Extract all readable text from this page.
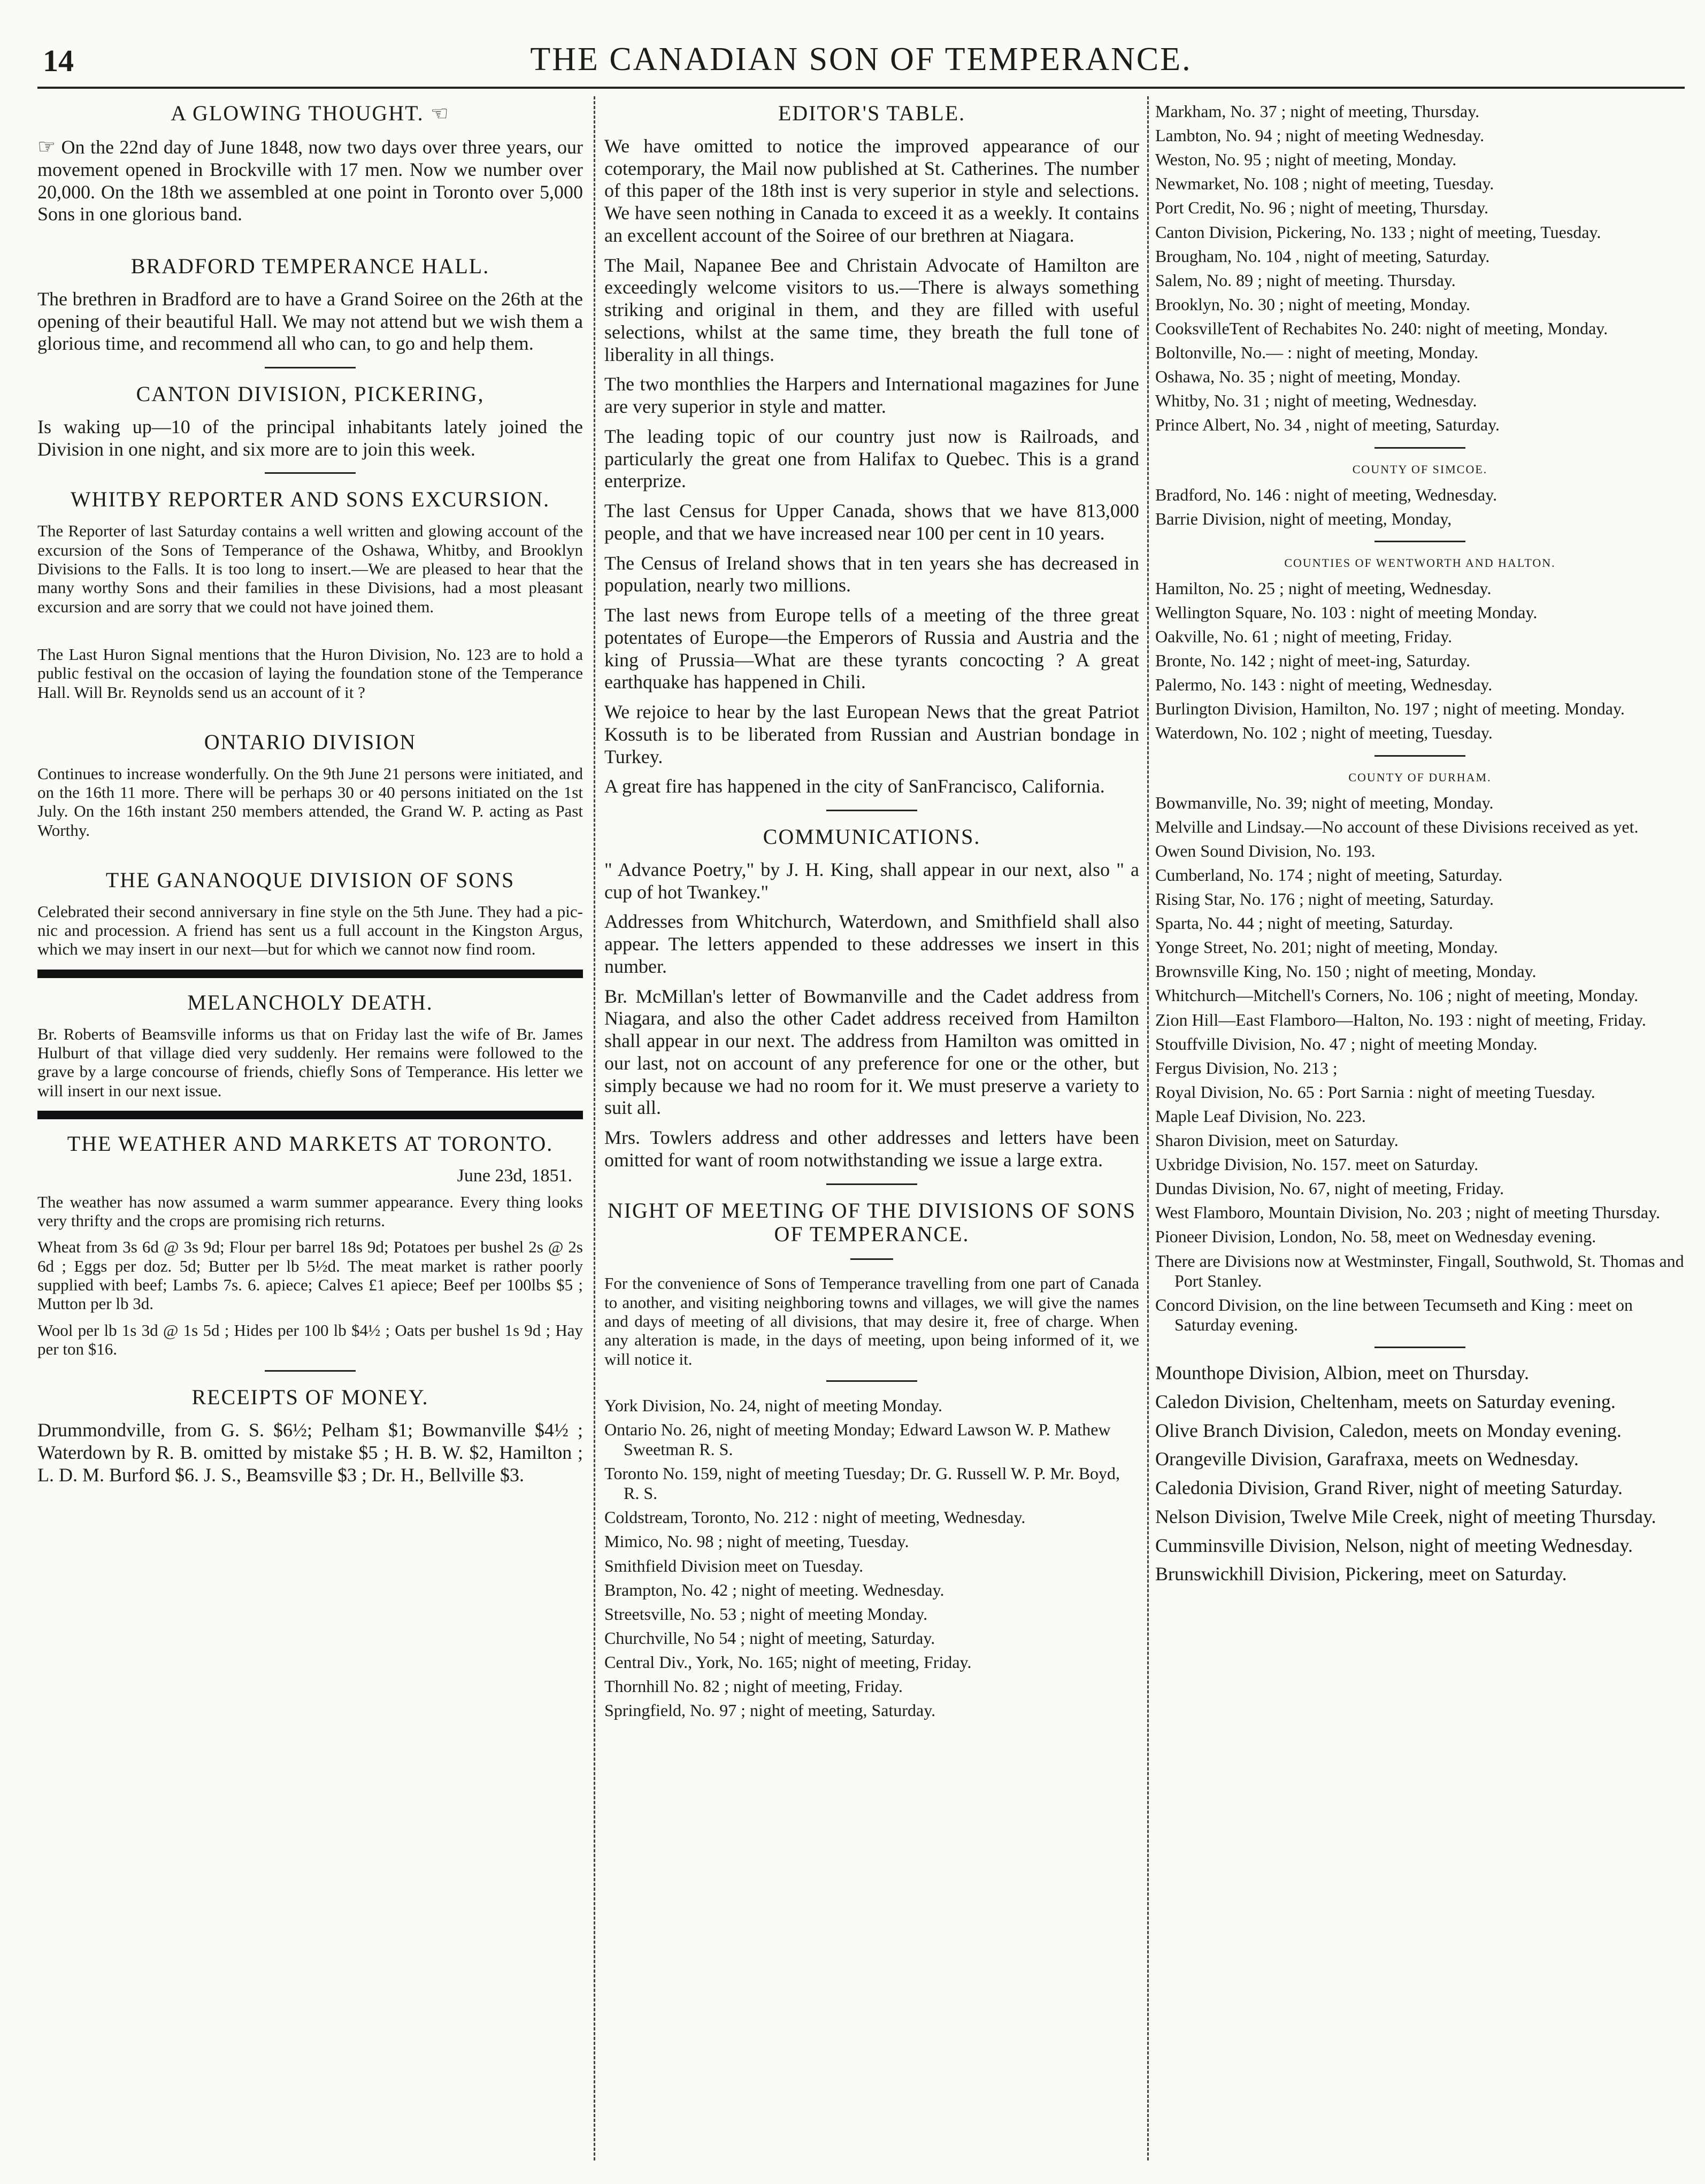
14	THE CANADIAN SON OF TEMPERANCE.
A GLOWING THOUGHT. ☜

☞ On the 22nd day of June 1848, now two days over three years, our movement opened in Brockville with 17 men. Now we number over 20,000. On the 18th we assembled at one point in Toronto over 5,000 Sons in one glorious band.

BRADFORD TEMPERANCE HALL.

The brethren in Bradford are to have a Grand Soiree on the 26th at the opening of their beautiful Hall. We may not attend but we wish them a glorious time, and recommend all who can, to go and help them.

CANTON DIVISION, PICKERING,

Is waking up—10 of the principal inhabitants lately joined the Division in one night, and six more are to join this week.

WHITBY REPORTER AND SONS EXCURSION.

The Reporter of last Saturday contains a well written and glowing account of the excursion of the Sons of Temperance of the Oshawa, Whitby, and Brooklyn Divisions to the Falls. It is too long to insert.—We are pleased to hear that the many worthy Sons and their families in these Divisions, had a most pleasant excursion and are sorry that we could not have joined them.

The Last Huron Signal mentions that the Huron Division, No. 123 are to hold a public festival on the occasion of laying the foundation stone of the Temperance Hall. Will Br. Reynolds send us an account of it ?

ONTARIO DIVISION

Continues to increase wonderfully. On the 9th June 21 persons were initiated, and on the 16th 11 more. There will be perhaps 30 or 40 persons initiated on the 1st July. On the 16th instant 250 members attended, the Grand W. P. acting as Past Worthy.

THE GANANOQUE DIVISION OF SONS

Celebrated their second anniversary in fine style on the 5th June. They had a pic-nic and procession. A friend has sent us a full account in the Kingston Argus, which we may insert in our next—but for which we cannot now find room.

MELANCHOLY DEATH.

Br. Roberts of Beamsville informs us that on Friday last the wife of Br. James Hulburt of that village died very suddenly. Her remains were followed to the grave by a large concourse of friends, chiefly Sons of Temperance. His letter we will insert in our next issue.

THE WEATHER AND MARKETS AT TORONTO.
June 23d, 1851.

The weather has now assumed a warm summer appearance. Every thing looks very thrifty and the crops are promising rich returns.

Wheat from 3s 6d @ 3s 9d; Flour per barrel 18s 9d; Potatoes per bushel 2s @ 2s 6d ; Eggs per doz. 5d; Butter per lb 5½d. The meat market is rather poorly supplied with beef; Lambs 7s. 6. apiece; Calves £1 apiece; Beef per 100lbs $5 ; Mutton per lb 3d.

Wool per lb 1s 3d @ 1s 5d ; Hides per 100 lb $4½ ; Oats per bushel 1s 9d ; Hay per ton $16.

RECEIPTS OF MONEY.

Drummondville, from G. S. $6½; Pelham $1; Bowmanville $4½ ; Waterdown by R. B. omitted by mistake $5 ; H. B. W. $2, Hamilton ; L. D. M. Burford $6. J. S., Beamsville $3 ; Dr. H., Bellville $3.

EDITOR'S TABLE.

We have omitted to notice the improved appearance of our cotemporary, the Mail now published at St. Catherines. The number of this paper of the 18th inst is very superior in style and selections. We have seen nothing in Canada to exceed it as a weekly. It contains an excellent account of the Soiree of our brethren at Niagara.

The Mail, Napanee Bee and Christain Advocate of Hamilton are exceedingly welcome visitors to us.—There is always something striking and original in them, and they are filled with useful selections, whilst at the same time, they breath the full tone of liberality in all things.

The two monthlies the Harpers and International magazines for June are very superior in style and matter.

The leading topic of our country just now is Railroads, and particularly the great one from Halifax to Quebec. This is a grand enterprize.

The last Census for Upper Canada, shows that we have 813,000 people, and that we have increased near 100 per cent in 10 years.

The Census of Ireland shows that in ten years she has decreased in population, nearly two millions.

The last news from Europe tells of a meeting of the three great potentates of Europe—the Emperors of Russia and Austria and the king of Prussia—What are these tyrants concocting ? A great earthquake has happened in Chili.

We rejoice to hear by the last European News that the great Patriot Kossuth is to be liberated from Russian and Austrian bondage in Turkey.

A great fire has happened in the city of SanFrancisco, California.

COMMUNICATIONS.

" Advance Poetry," by J. H. King, shall appear in our next, also " a cup of hot Twankey."

Addresses from Whitchurch, Waterdown, and Smithfield shall also appear. The letters appended to these addresses we insert in this number.

Br. McMillan's letter of Bowmanville and the Cadet address from Niagara, and also the other Cadet address received from Hamilton shall appear in our next. The address from Hamilton was omitted in our last, not on account of any preference for one or the other, but simply because we had no room for it. We must preserve a variety to suit all.

Mrs. Towlers address and other addresses and letters have been omitted for want of room notwithstanding we issue a large extra.

NIGHT OF MEETING OF THE DIVISIONS OF SONS OF TEMPERANCE.

For the convenience of Sons of Temperance travelling from one part of Canada to another, and visiting neighboring towns and villages, we will give the names and days of meeting of all divisions, that may desire it, free of charge. When any alteration is made, in the days of meeting, upon being informed of it, we will notice it.

York Division, No. 24, night of meeting Monday.
Ontario No. 26, night of meeting Monday; Edward Lawson W. P. Mathew Sweetman R. S.
Toronto No. 159, night of meeting Tuesday; Dr. G. Russell W. P. Mr. Boyd, R. S.
Coldstream, Toronto, No. 212 : night of meeting, Wednesday.
Mimico, No. 98 ; night of meeting, Tuesday.
Smithfield Division meet on Tuesday.
Brampton, No. 42 ; night of meeting. Wednesday.
Streetsville, No. 53 ; night of meeting Monday.
Churchville, No 54 ; night of meeting, Saturday.
Central Div., York, No. 165; night of meeting, Friday.
Thornhill No. 82 ; night of meeting, Friday.
Springfield, No. 97 ; night of meeting, Saturday.
Markham, No. 37 ; night of meeting, Thursday.
Lambton, No. 94 ; night of meeting Wednesday.
Weston, No. 95 ; night of meeting, Monday.
Newmarket, No. 108 ; night of meeting, Tuesday.
Port Credit, No. 96 ; night of meeting, Thursday.
Canton Division, Pickering, No. 133 ; night of meeting, Tuesday.
Brougham, No. 104 , night of meeting, Saturday.
Salem, No. 89 ; night of meeting. Thursday.
Brooklyn, No. 30 ; night of meeting, Monday.
CooksvilleTent of Rechabites No. 240: night of meeting, Monday.
Boltonville, No.— : night of meeting, Monday.
Oshawa, No. 35 ; night of meeting, Monday.
Whitby, No. 31 ; night of meeting, Wednesday.
Prince Albert, No. 34 , night of meeting, Saturday.
COUNTY OF SIMCOE.
Bradford, No. 146 : night of meeting, Wednesday.
Barrie Division, night of meeting, Monday,
COUNTIES OF WENTWORTH AND HALTON.
Hamilton, No. 25 ; night of meeting, Wednesday.
Wellington Square, No. 103 : night of meeting Monday.
Oakville, No. 61 ; night of meeting, Friday.
Bronte, No. 142 ; night of meet-ing, Saturday.
Palermo, No. 143 : night of meeting, Wednesday.
Burlington Division, Hamilton, No. 197 ; night of meeting. Monday.
Waterdown, No. 102 ; night of meeting, Tuesday.
COUNTY OF DURHAM.
Bowmanville, No. 39; night of meeting, Monday.
Melville and Lindsay.—No account of these Divisions received as yet.
Owen Sound Division, No. 193.
Cumberland, No. 174 ; night of meeting, Saturday.
Rising Star, No. 176 ; night of meeting, Saturday.
Sparta, No. 44 ; night of meeting, Saturday.
Yonge Street, No. 201; night of meeting, Monday.
Brownsville King, No. 150 ; night of meeting, Monday.
Whitchurch—Mitchell's Corners, No. 106 ; night of meeting, Monday.
Zion Hill—East Flamboro—Halton, No. 193 : night of meeting, Friday.
Stouffville Division, No. 47 ; night of meeting Monday.
Fergus Division, No. 213 ;
Royal Division, No. 65 : Port Sarnia : night of meeting Tuesday.
Maple Leaf Division, No. 223.
Sharon Division, meet on Saturday.
Uxbridge Division, No. 157. meet on Saturday.
Dundas Division, No. 67, night of meeting, Friday.
West Flamboro, Mountain Division, No. 203 ; night of meeting Thursday.
Pioneer Division, London, No. 58, meet on Wednesday evening.
There are Divisions now at Westminster, Fingall, Southwold, St. Thomas and Port Stanley.
Concord Division, on the line between Tecumseth and King : meet on Saturday evening.
Mounthope Division, Albion, meet on Thursday.
Caledon Division, Cheltenham, meets on Saturday evening.
Olive Branch Division, Caledon, meets on Monday evening.
Orangeville Division, Garafraxa, meets on Wednesday.
Caledonia Division, Grand River, night of meeting Saturday.
Nelson Division, Twelve Mile Creek, night of meeting Thursday.
Cumminsville Division, Nelson, night of meeting Wednesday.
Brunswickhill Division, Pickering, meet on Saturday.
